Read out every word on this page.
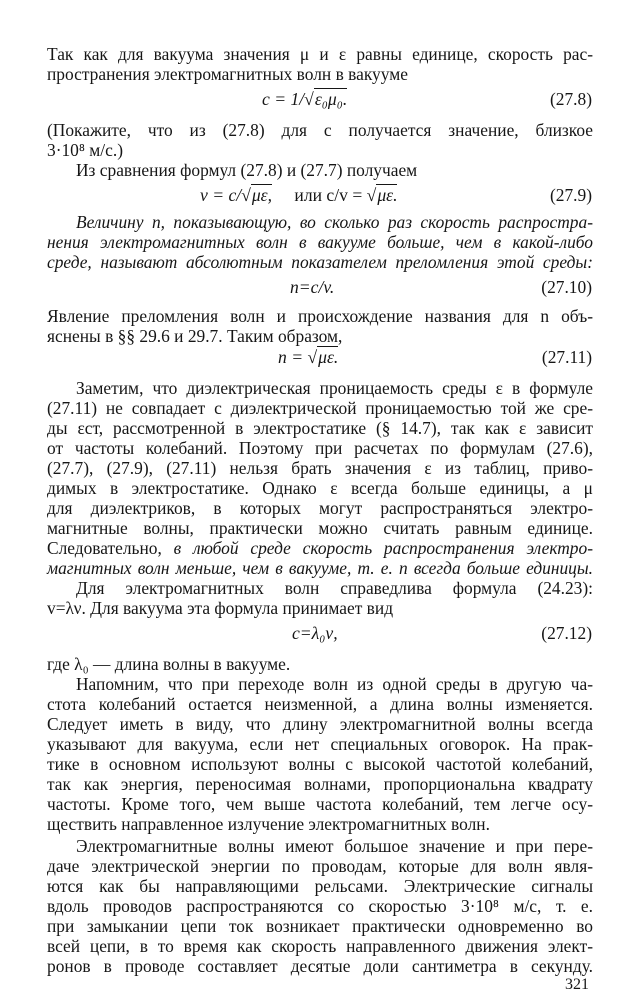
Так как для вакуума значения μ и ε равны единице, скорость рас-
пространения электромагнитных волн в вакууме
c = 1/√ε₀μ₀.	(27.8)
(Покажите, что из (27.8) для c получается значение, близкое
3·10⁸ м/с.)
Из сравнения формул (27.8) и (27.7) получаем
v = c/√με, или c/v = √με.	(27.9)
Величину n, показывающую, во сколько раз скорость распростра-
нения электромагнитных волн в вакууме больше, чем в какой-либо
среде, называют абсолютным показателем преломления этой среды:
n=c/v.	(27.10)
Явление преломления волн и происхождение названия для n объ-
яснены в §§ 29.6 и 29.7. Таким образом,
n = √με.	(27.11)
Заметим, что диэлектрическая проницаемость среды ε в формуле
(27.11) не совпадает с диэлектрической проницаемостью той же сре-
ды εст, рассмотренной в электростатике (§ 14.7), так как ε зависит
от частоты колебаний. Поэтому при расчетах по формулам (27.6),
(27.7), (27.9), (27.11) нельзя брать значения ε из таблиц, приво-
димых в электростатике. Однако ε всегда больше единицы, а μ
для диэлектриков, в которых могут распространяться электро-
магнитные волны, практически можно считать равным единице.
Следовательно, в любой среде скорость распространения электро-
магнитных волн меньше, чем в вакууме, т. е. n всегда больше единицы.
Для электромагнитных волн справедлива формула (24.23):
v=λν. Для вакуума эта формула принимает вид
c=λ₀ν,	(27.12)
где λ₀ — длина волны в вакууме.
Напомним, что при переходе волн из одной среды в другую ча-
стота колебаний остается неизменной, а длина волны изменяется.
Следует иметь в виду, что длину электромагнитной волны всегда
указывают для вакуума, если нет специальных оговорок. На прак-
тике в основном используют волны с высокой частотой колебаний,
так как энергия, переносимая волнами, пропорциональна квадрату
частоты. Кроме того, чем выше частота колебаний, тем легче осу-
ществить направленное излучение электромагнитных волн.
Электромагнитные волны имеют большое значение и при пере-
даче электрической энергии по проводам, которые для волн явля-
ются как бы направляющими рельсами. Электрические сигналы
вдоль проводов распространяются со скоростью 3·10⁸ м/с, т. е.
при замыкании цепи ток возникает практически одновременно во
всей цепи, в то время как скорость направленного движения элект-
ронов в проводе составляет десятые доли сантиметра в секунду.
321
